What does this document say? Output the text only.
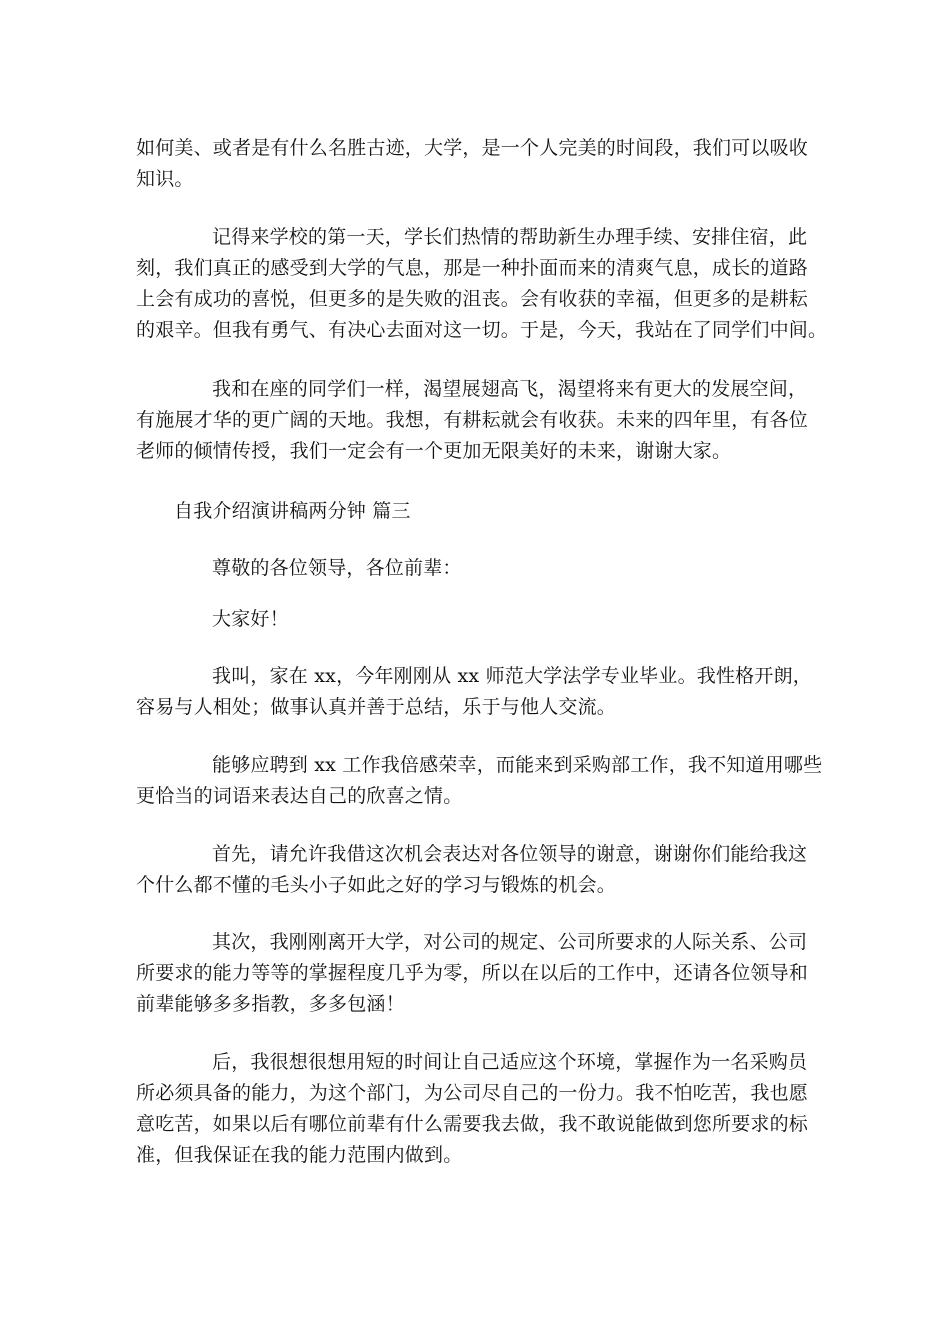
如何美、或者是有什么名胜古迹，大学，是一个人完美的时间段，我们可以吸收
知识。

记得来学校的第一天，学长们热情的帮助新生办理手续、安排住宿，此
刻，我们真正的感受到大学的气息，那是一种扑面而来的清爽气息，成长的道路
上会有成功的喜悦，但更多的是失败的沮丧。会有收获的幸福，但更多的是耕耘
的艰辛。但我有勇气、有决心去面对这一切。于是，今天，我站在了同学们中间。

我和在座的同学们一样，渴望展翅高飞，渴望将来有更大的发展空间，
有施展才华的更广阔的天地。我想，有耕耘就会有收获。未来的四年里，有各位
老师的倾情传授，我们一定会有一个更加无限美好的未来，谢谢大家。

自我介绍演讲稿两分钟 篇三

尊敬的各位领导，各位前辈：

大家好！

我叫，家在 xx，今年刚刚从 xx 师范大学法学专业毕业。我性格开朗，
容易与人相处；做事认真并善于总结，乐于与他人交流。

能够应聘到 xx 工作我倍感荣幸，而能来到采购部工作，我不知道用哪些
更恰当的词语来表达自己的欣喜之情。

首先，请允许我借这次机会表达对各位领导的谢意，谢谢你们能给我这
个什么都不懂的毛头小子如此之好的学习与锻炼的机会。

其次，我刚刚离开大学，对公司的规定、公司所要求的人际关系、公司
所要求的能力等等的掌握程度几乎为零，所以在以后的工作中，还请各位领导和
前辈能够多多指教，多多包涵！

后，我很想很想用短的时间让自己适应这个环境，掌握作为一名采购员
所必须具备的能力，为这个部门，为公司尽自己的一份力。我不怕吃苦，我也愿
意吃苦，如果以后有哪位前辈有什么需要我去做，我不敢说能做到您所要求的标
准，但我保证在我的能力范围内做到。
